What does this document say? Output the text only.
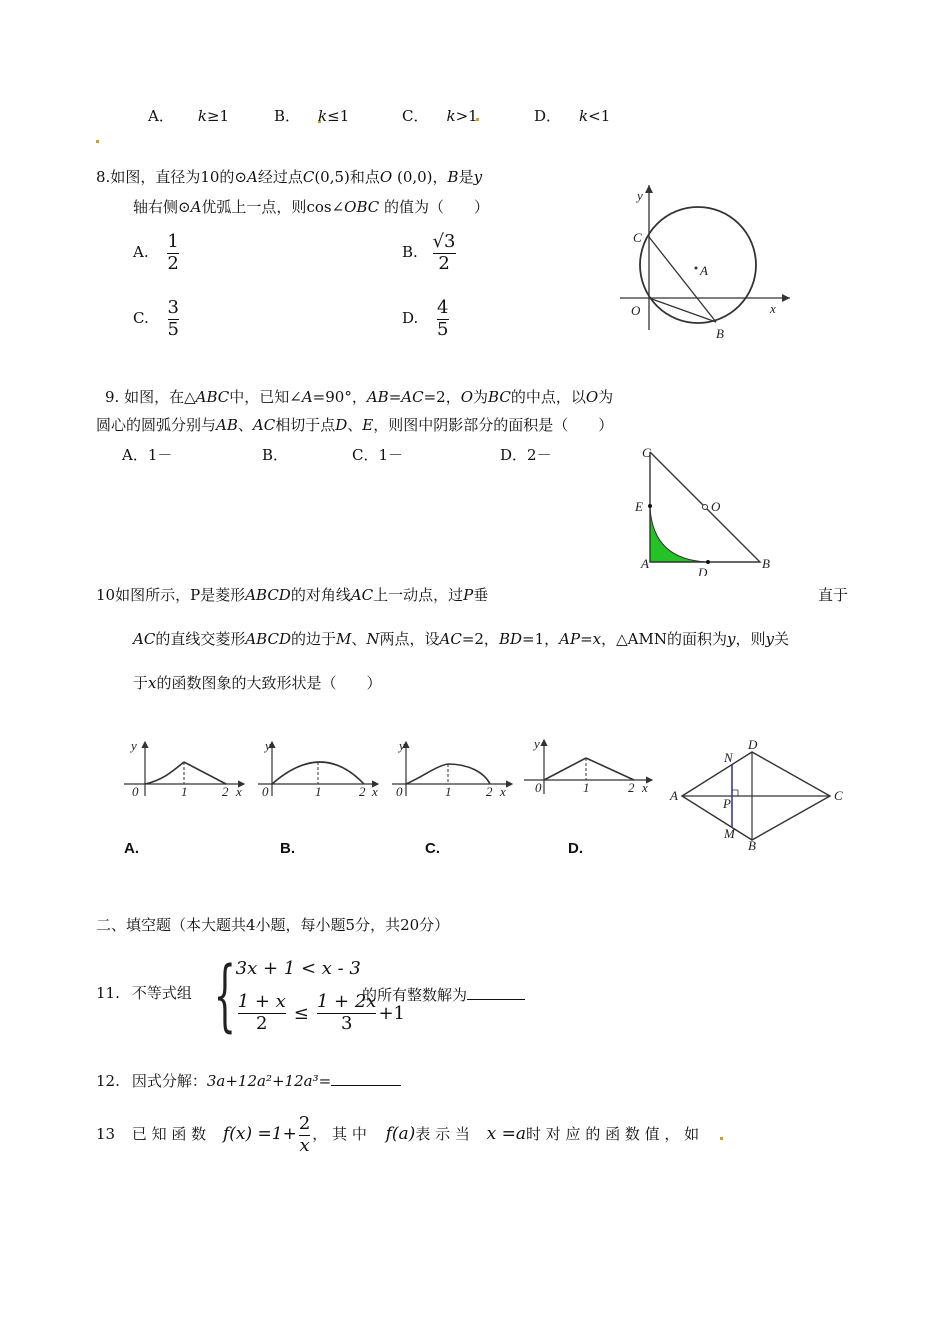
A． k≥1	B． k≤1	C． k>1	D． k<1
8.如图，直径为10的⊙A经过点C(0,5)和点O (0,0)，B是y
轴右侧⊙A优弧上一点，则cos∠OBC 的值为（　　）
A. $\frac{1}{2}$	B. $\frac{√3}{2}$
C. $\frac{3}{5}$	D. $\frac{4}{5}$
y
x
C
A
O
B
9. 如图，在△ABC中，已知∠A=90°，AB=AC=2，O为BC的中点，以O为
圆心的圆弧分别与AB、AC相切于点D、E，则图中阴影部分的面积是（　　）
A．1－	B．	C．1－	D．2－	C
E	O
A
D
B
10如图所示，P是菱形ABCD的对角线AC上一动点，过P垂	直于
AC的直线交菱形ABCD的边于M、N两点，设AC=2，BD=1，AP=x，△AMN的面积为y，则y关
于x的函数图象的大致形状是（　　）
y
0	1	2 x
y
0	1	2 x
y
0	1	2 x
y
0	1	2 x
A.	B.	C.	D.
A
D
C
B
N
M
P
二、填空题（本大题共4小题，每小题5分，共20分）
11. 不等式组 { 3x + 1 < x - 3
$\frac{1 + x}{2} \le \frac{1 + 2x}{3} +1$
的所有整数解为
12. 因式分解：3a+12a²+12a³=
13 已 知 函 数 $f(x) =1+ \frac{2}{x}$ ， 其 中 f(a)表 示 当 x =a时 对 应 的 函 数 值 ， 如
